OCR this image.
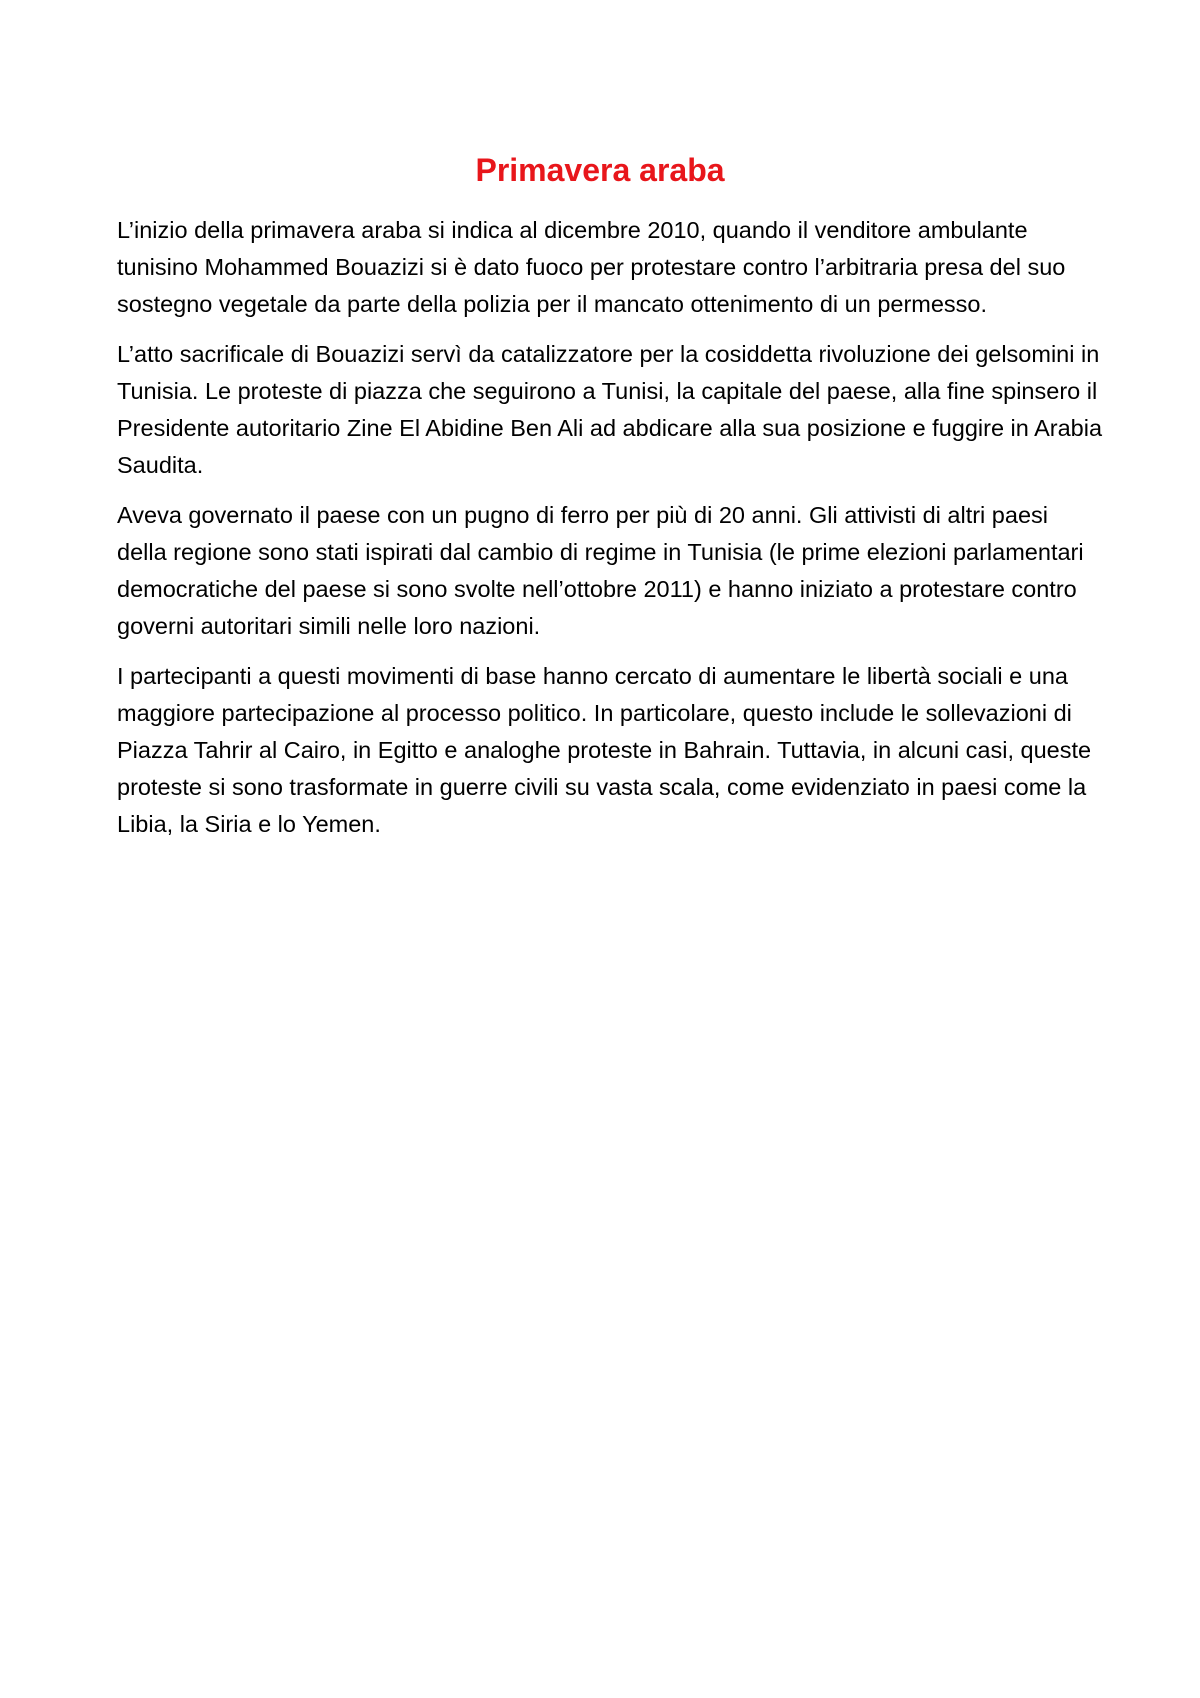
Primavera araba

L’inizio della primavera araba si indica al dicembre 2010, quando il venditore ambulante tunisino Mohammed Bouazizi si è dato fuoco per protestare contro l’arbitraria presa del suo sostegno vegetale da parte della polizia per il mancato ottenimento di un permesso.

L’atto sacrificale di Bouazizi servì da catalizzatore per la cosiddetta rivoluzione dei gelsomini in Tunisia. Le proteste di piazza che seguirono a Tunisi, la capitale del paese, alla fine spinsero il Presidente autoritario Zine El Abidine Ben Ali ad abdicare alla sua posizione e fuggire in Arabia Saudita.

Aveva governato il paese con un pugno di ferro per più di 20 anni. Gli attivisti di altri paesi della regione sono stati ispirati dal cambio di regime in Tunisia (le prime elezioni parlamentari democratiche del paese si sono svolte nell’ottobre 2011) e hanno iniziato a protestare contro governi autoritari simili nelle loro nazioni.

I partecipanti a questi movimenti di base hanno cercato di aumentare le libertà sociali e una maggiore partecipazione al processo politico. In particolare, questo include le sollevazioni di Piazza Tahrir al Cairo, in Egitto e analoghe proteste in Bahrain. Tuttavia, in alcuni casi, queste proteste si sono trasformate in guerre civili su vasta scala, come evidenziato in paesi come la Libia, la Siria e lo Yemen.
